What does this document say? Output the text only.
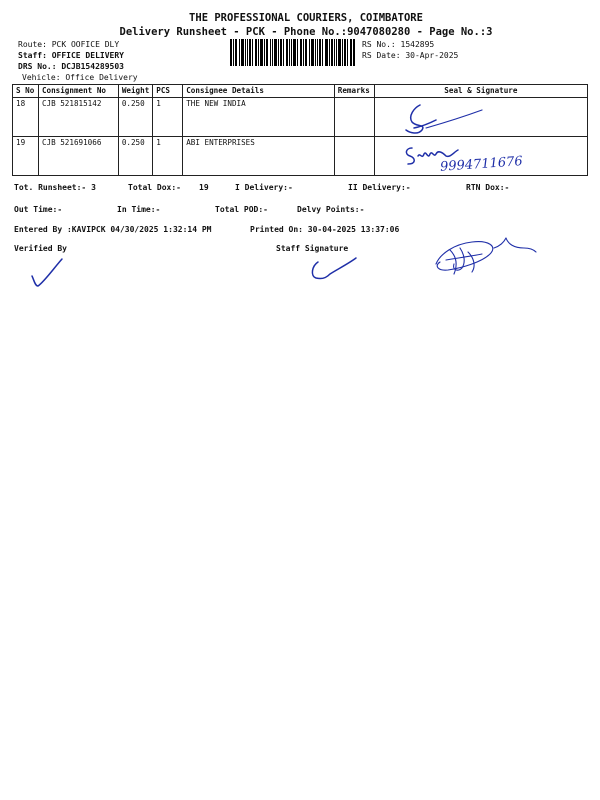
THE PROFESSIONAL COURIERS, COIMBATORE
Delivery Runsheet - PCK - Phone No.:9047080280 - Page No.:3
Route: PCK OOFICE DLY
Staff: OFFICE DELIVERY
DRS No.: DCJB154289503
Vehicle: Office Delivery
RS No.: 1542895
RS Date: 30-Apr-2025
S No	Consignment No	Weight	PCS	Consignee Details	Remarks	Seal & Signature
18	CJB 521815142	0.250	1	THE NEW INDIA		
19	CJB 521691066	0.250	1	ABI ENTERPRISES		
9994711676
Tot. Runsheet:- 3	Total Dox:- 19	I Delivery:-	II Delivery:-	RTN Dox:-
Out Time:-	In Time:-	Total POD:-	Delvy Points:-
Entered By :KAVIPCK 04/30/2025 1:32:14 PM	Printed On: 30-04-2025 13:37:06
Verified By	Staff Signature
